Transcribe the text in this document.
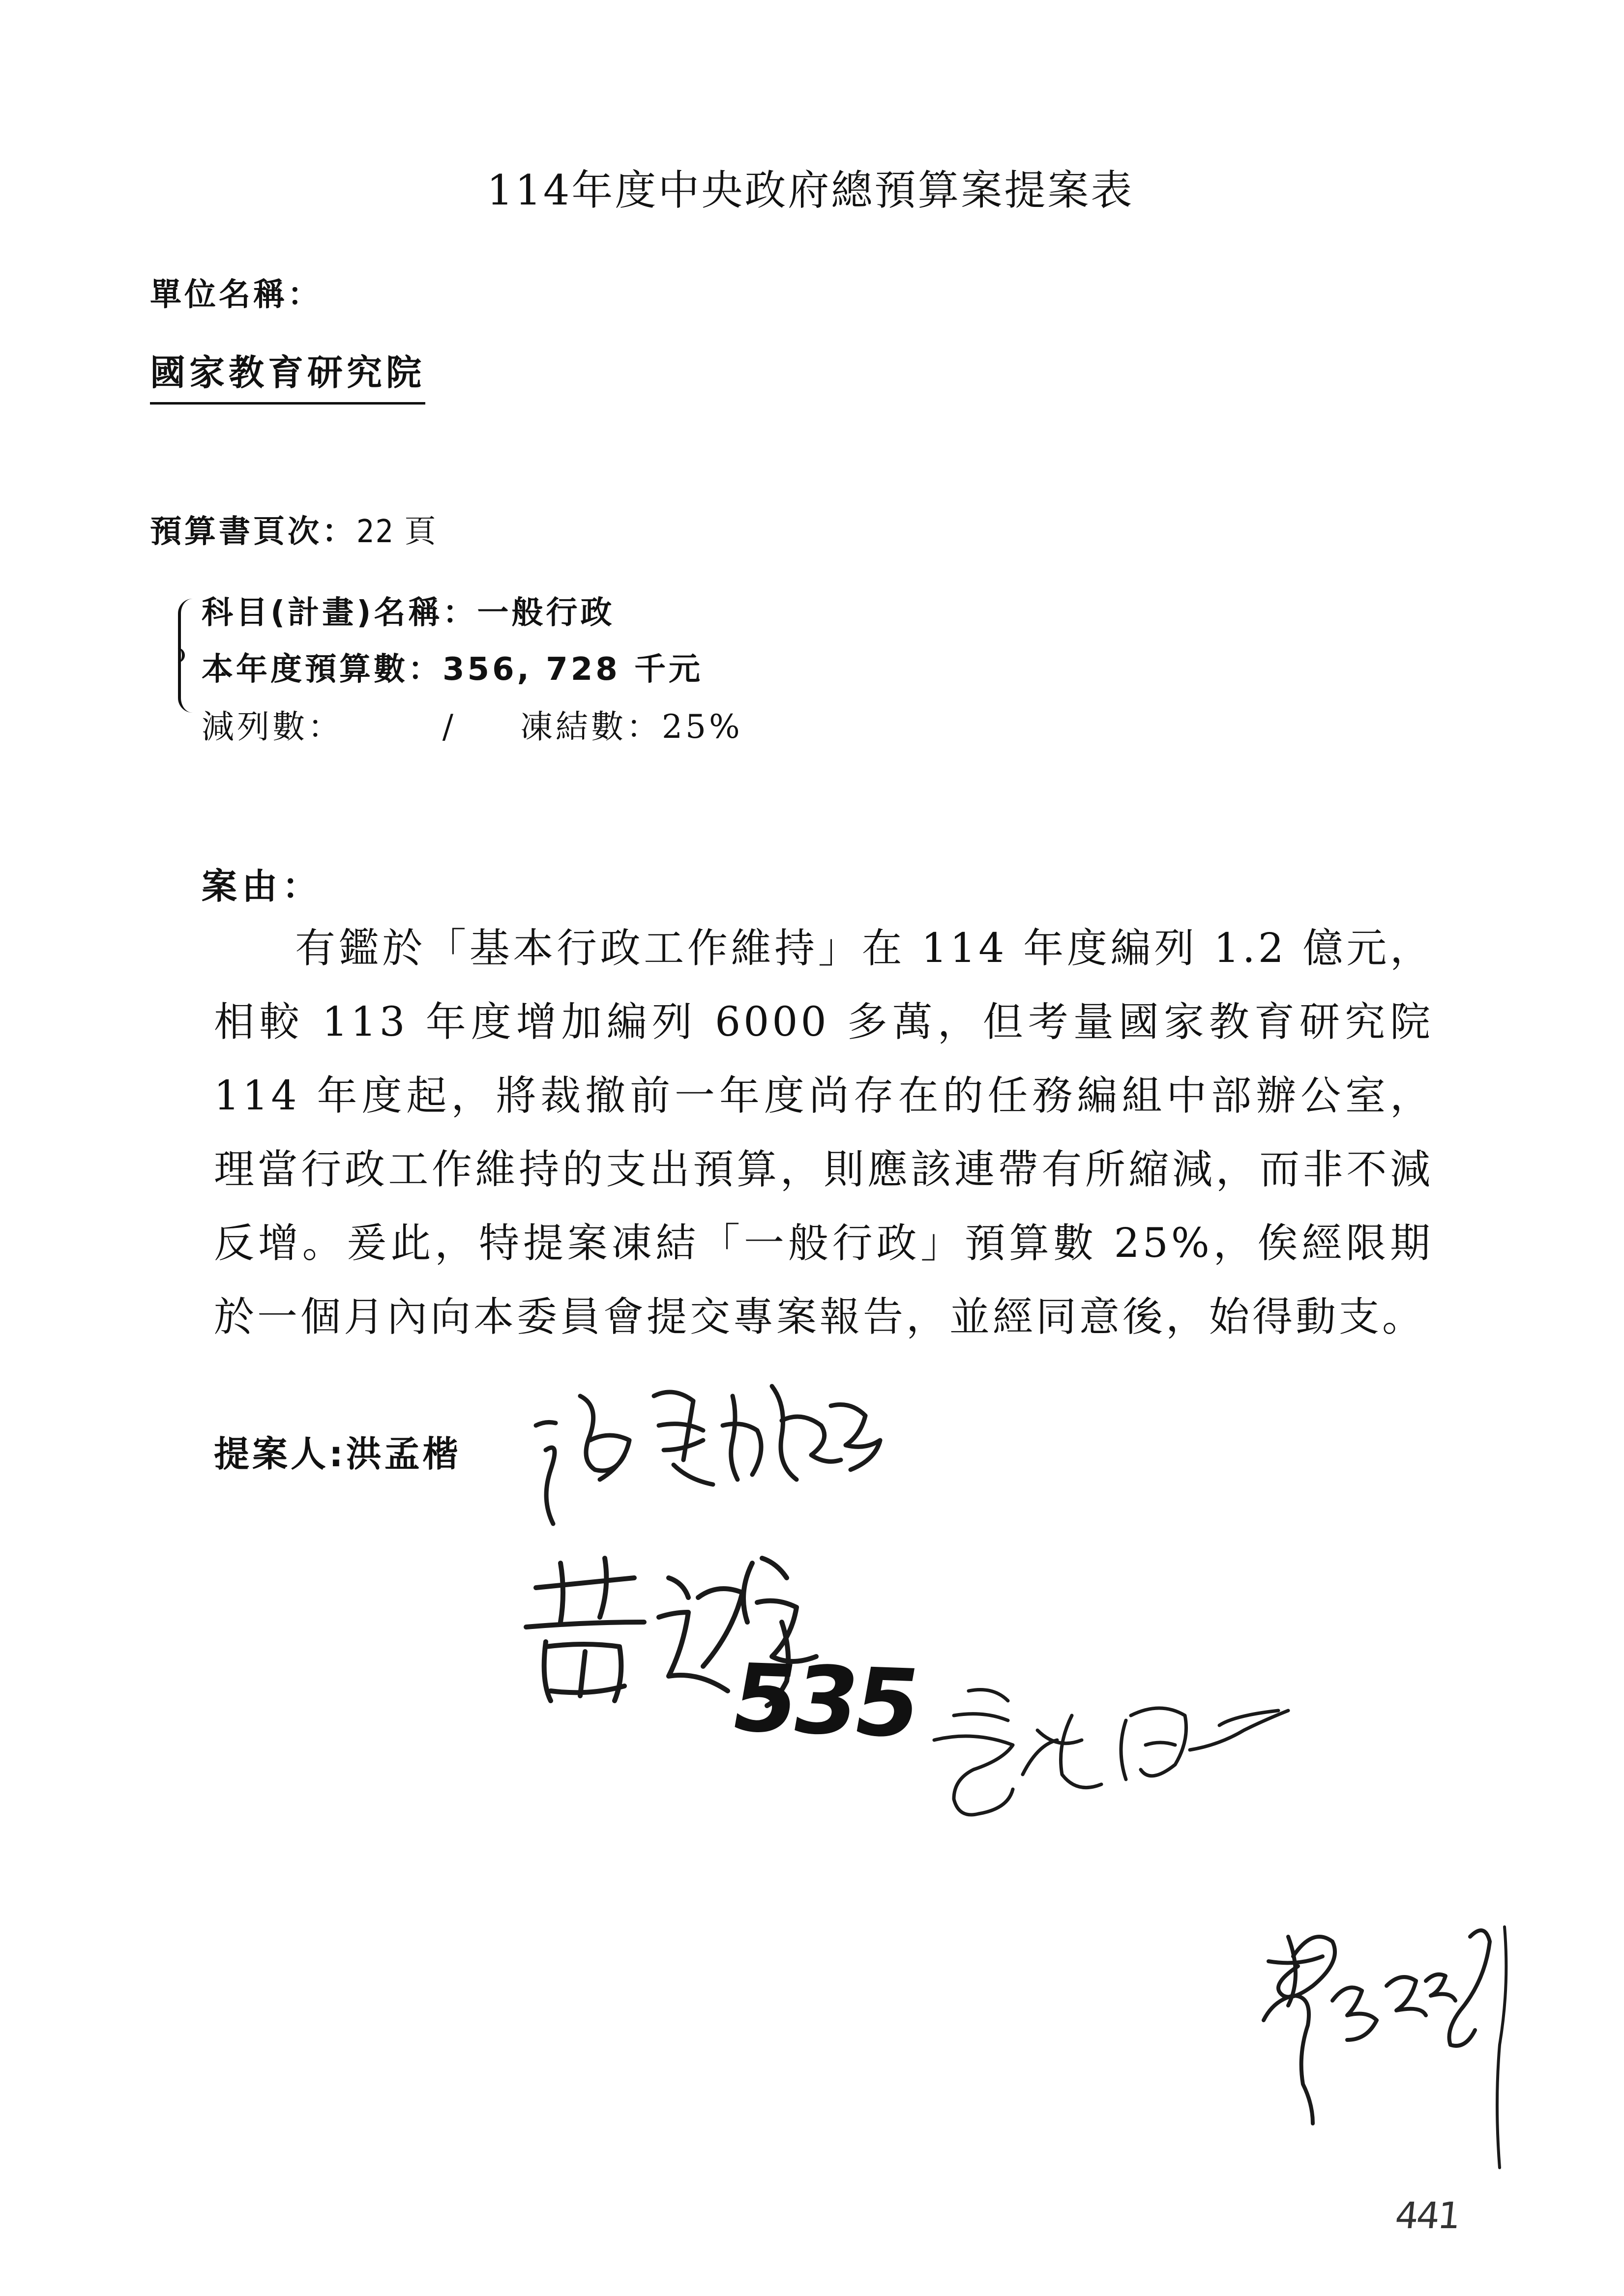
114年度中央政府總預算案提案表
單位名稱：
國家教育研究院
預算書頁次：22 頁
科目(計畫)名稱：一般行政
本年度預算數：356, 728 千元
減列數：	/ 凍結數：25%
案由：

有鑑於「基本行政工作維持」在 114 年度編列 1.2 億元，相較 113 年度增加編列 6000 多萬，但考量國家教育研究院 114 年度起，將裁撤前一年度尚存在的任務編組中部辦公室，理當行政工作維持的支出預算，則應該連帶有所縮減，而非不減反增。爰此，特提案凍結「一般行政」預算數 25%，俟經限期於一個月內向本委員會提交專案報告，並經同意後，始得動支。

提案人:洪孟楷
535
441
